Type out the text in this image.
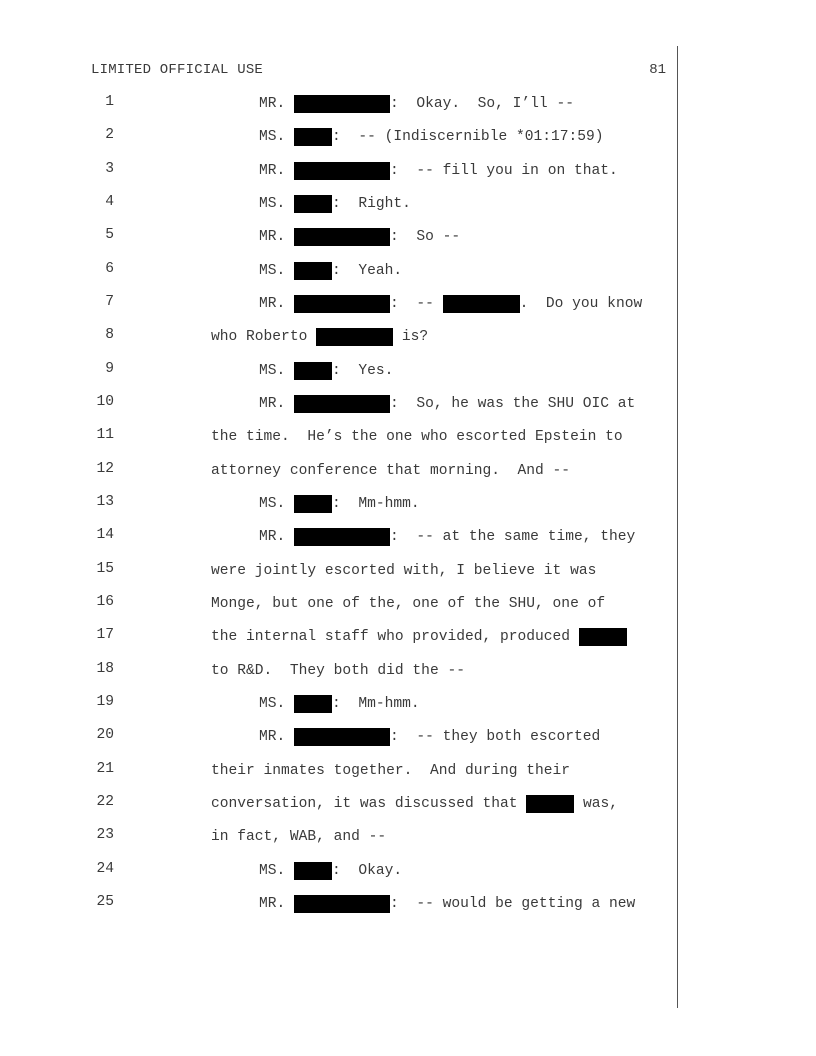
LIMITED OFFICIAL USE	81

1

	MR.
	: Okay.  So, I’ll --

2

	MS.
	: -- (Indiscernible *01:17:59)

3

	MR.
	: -- fill you in on that.

4

	MS.
	: Right.

5

	MR.
	: So --

6

	MS.
	: Yeah.

7

	MR.
	: --	.  Do you know

8

	who Roberto	is?

9

	MS.
	: Yes.

10

	MR.
	: So, he was the SHU OIC at

11

	the time.  He’s the one who escorted Epstein to

12

	attorney conference that morning.  And --

13

	MS.
	: Mm-hmm.

14

	MR.
	: -- at the same time, they

15

	were jointly escorted with, I believe it was

16

	Monge, but one of the, one of the SHU, one of

17

	the internal staff who provided, produced

18

	to R&D.  They both did the --

19

	MS.
	: Mm-hmm.

20

	MR.
	: -- they both escorted

21

	their inmates together.  And during their

22

	conversation, it was discussed that	was,

23

	in fact, WAB, and --

24

	MS.
	: Okay.

25

	MR.
	: -- would be getting a new
